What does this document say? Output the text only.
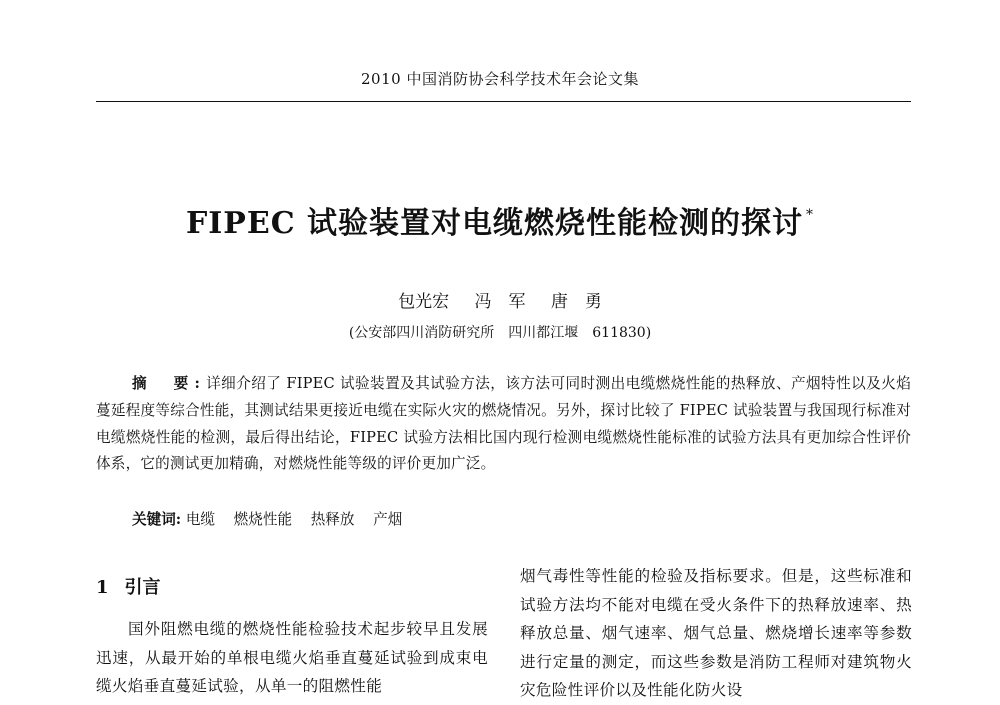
2010 中国消防协会科学技术年会论文集
FIPEC 试验装置对电缆燃烧性能检测的探讨 *
包光宏 冯　军 唐　勇
(公安部四川消防研究所　四川都江堰　611830)
摘　要:详细介绍了 FIPEC 试验装置及其试验方法，该方法可同时测出电缆燃烧性能的热释放、产烟特性以及火焰蔓延程度等综合性能，其测试结果更接近电缆在实际火灾的燃烧情况。另外，探讨比较了 FIPEC 试验装置与我国现行标准对电缆燃烧性能的检测，最后得出结论，FIPEC 试验方法相比国内现行检测电缆燃烧性能标准的试验方法具有更加综合性评价体系，它的测试更加精确，对燃烧性能等级的评价更加广泛。
关键词: 电缆 燃烧性能 热释放 产烟
1 引言
国外阻燃电缆的燃烧性能检验技术起步较早且发展迅速，从最开始的单根电缆火焰垂直蔓延试验到成束电缆火焰垂直蔓延试验，从单一的阻燃性能
烟气毒性等性能的检验及指标要求。但是，这些标准和试验方法均不能对电缆在受火条件下的热释放速率、热释放总量、烟气速率、烟气总量、燃烧增长速率等参数进行定量的测定，而这些参数是消防工程师对建筑物火灾危险性评价以及性能化防火设
